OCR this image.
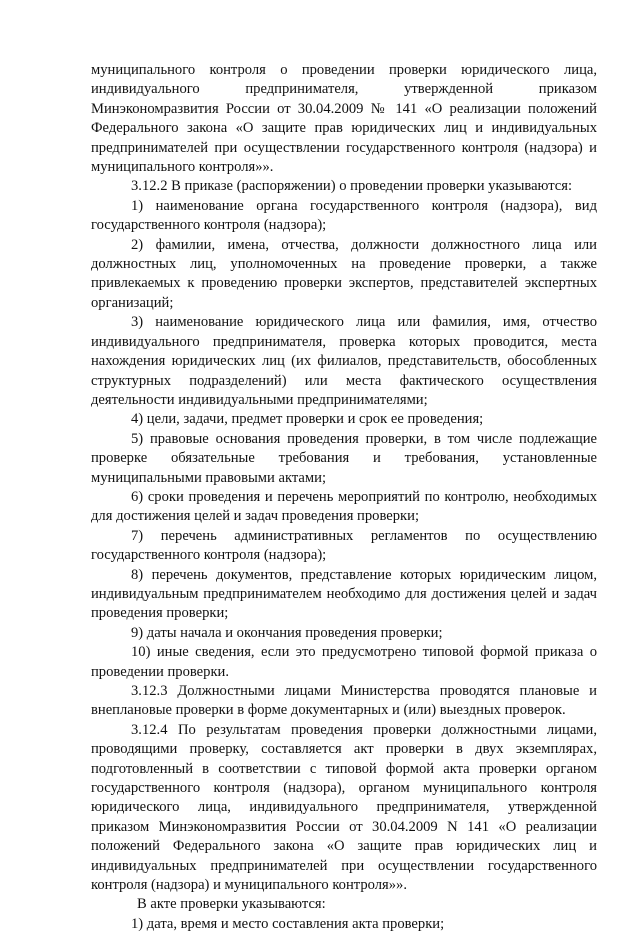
муниципального контроля о проведении проверки юридического лица, индивидуального предпринимателя, утвержденной приказом Минэкономразвития России от 30.04.2009 № 141 «О реализации положений Федерального закона «О защите прав юридических лиц и индивидуальных предпринимателей при осуществлении государственного контроля (надзора) и муниципального контроля»».

3.12.2 В приказе (распоряжении) о проведении проверки указываются:

1) наименование органа государственного контроля (надзора), вид государственного контроля (надзора);

2) фамилии, имена, отчества, должности должностного лица или должностных лиц, уполномоченных на проведение проверки, а также привлекаемых к проведению проверки экспертов, представителей экспертных организаций;

3) наименование юридического лица или фамилия, имя, отчество индивидуального предпринимателя, проверка которых проводится, места нахождения юридических лиц (их филиалов, представительств, обособленных структурных подразделений) или места фактического осуществления деятельности индивидуальными предпринимателями;

4) цели, задачи, предмет проверки и срок ее проведения;

5) правовые основания проведения проверки, в том числе подлежащие проверке обязательные требования и требования, установленные муниципальными правовыми актами;

6) сроки проведения и перечень мероприятий по контролю, необходимых для достижения целей и задач проведения проверки;

7) перечень административных регламентов по осуществлению государственного контроля (надзора);

8) перечень документов, представление которых юридическим лицом, индивидуальным предпринимателем необходимо для достижения целей и задач проведения проверки;

9) даты начала и окончания проведения проверки;

10) иные сведения, если это предусмотрено типовой формой приказа о проведении проверки.

3.12.3 Должностными лицами Министерства проводятся плановые и внеплановые проверки в форме документарных и (или) выездных проверок.

3.12.4 По результатам проведения проверки должностными лицами, проводящими проверку, составляется акт проверки в двух экземплярах, подготовленный в соответствии с типовой формой акта проверки органом государственного контроля (надзора), органом муниципального контроля юридического лица, индивидуального предпринимателя, утвержденной приказом Минэкономразвития России от 30.04.2009 N 141 «О реализации положений Федерального закона «О защите прав юридических лиц и индивидуальных предпринимателей при осуществлении государственного контроля (надзора) и муниципального контроля»».

В акте проверки указываются:

1) дата, время и место составления акта проверки;
